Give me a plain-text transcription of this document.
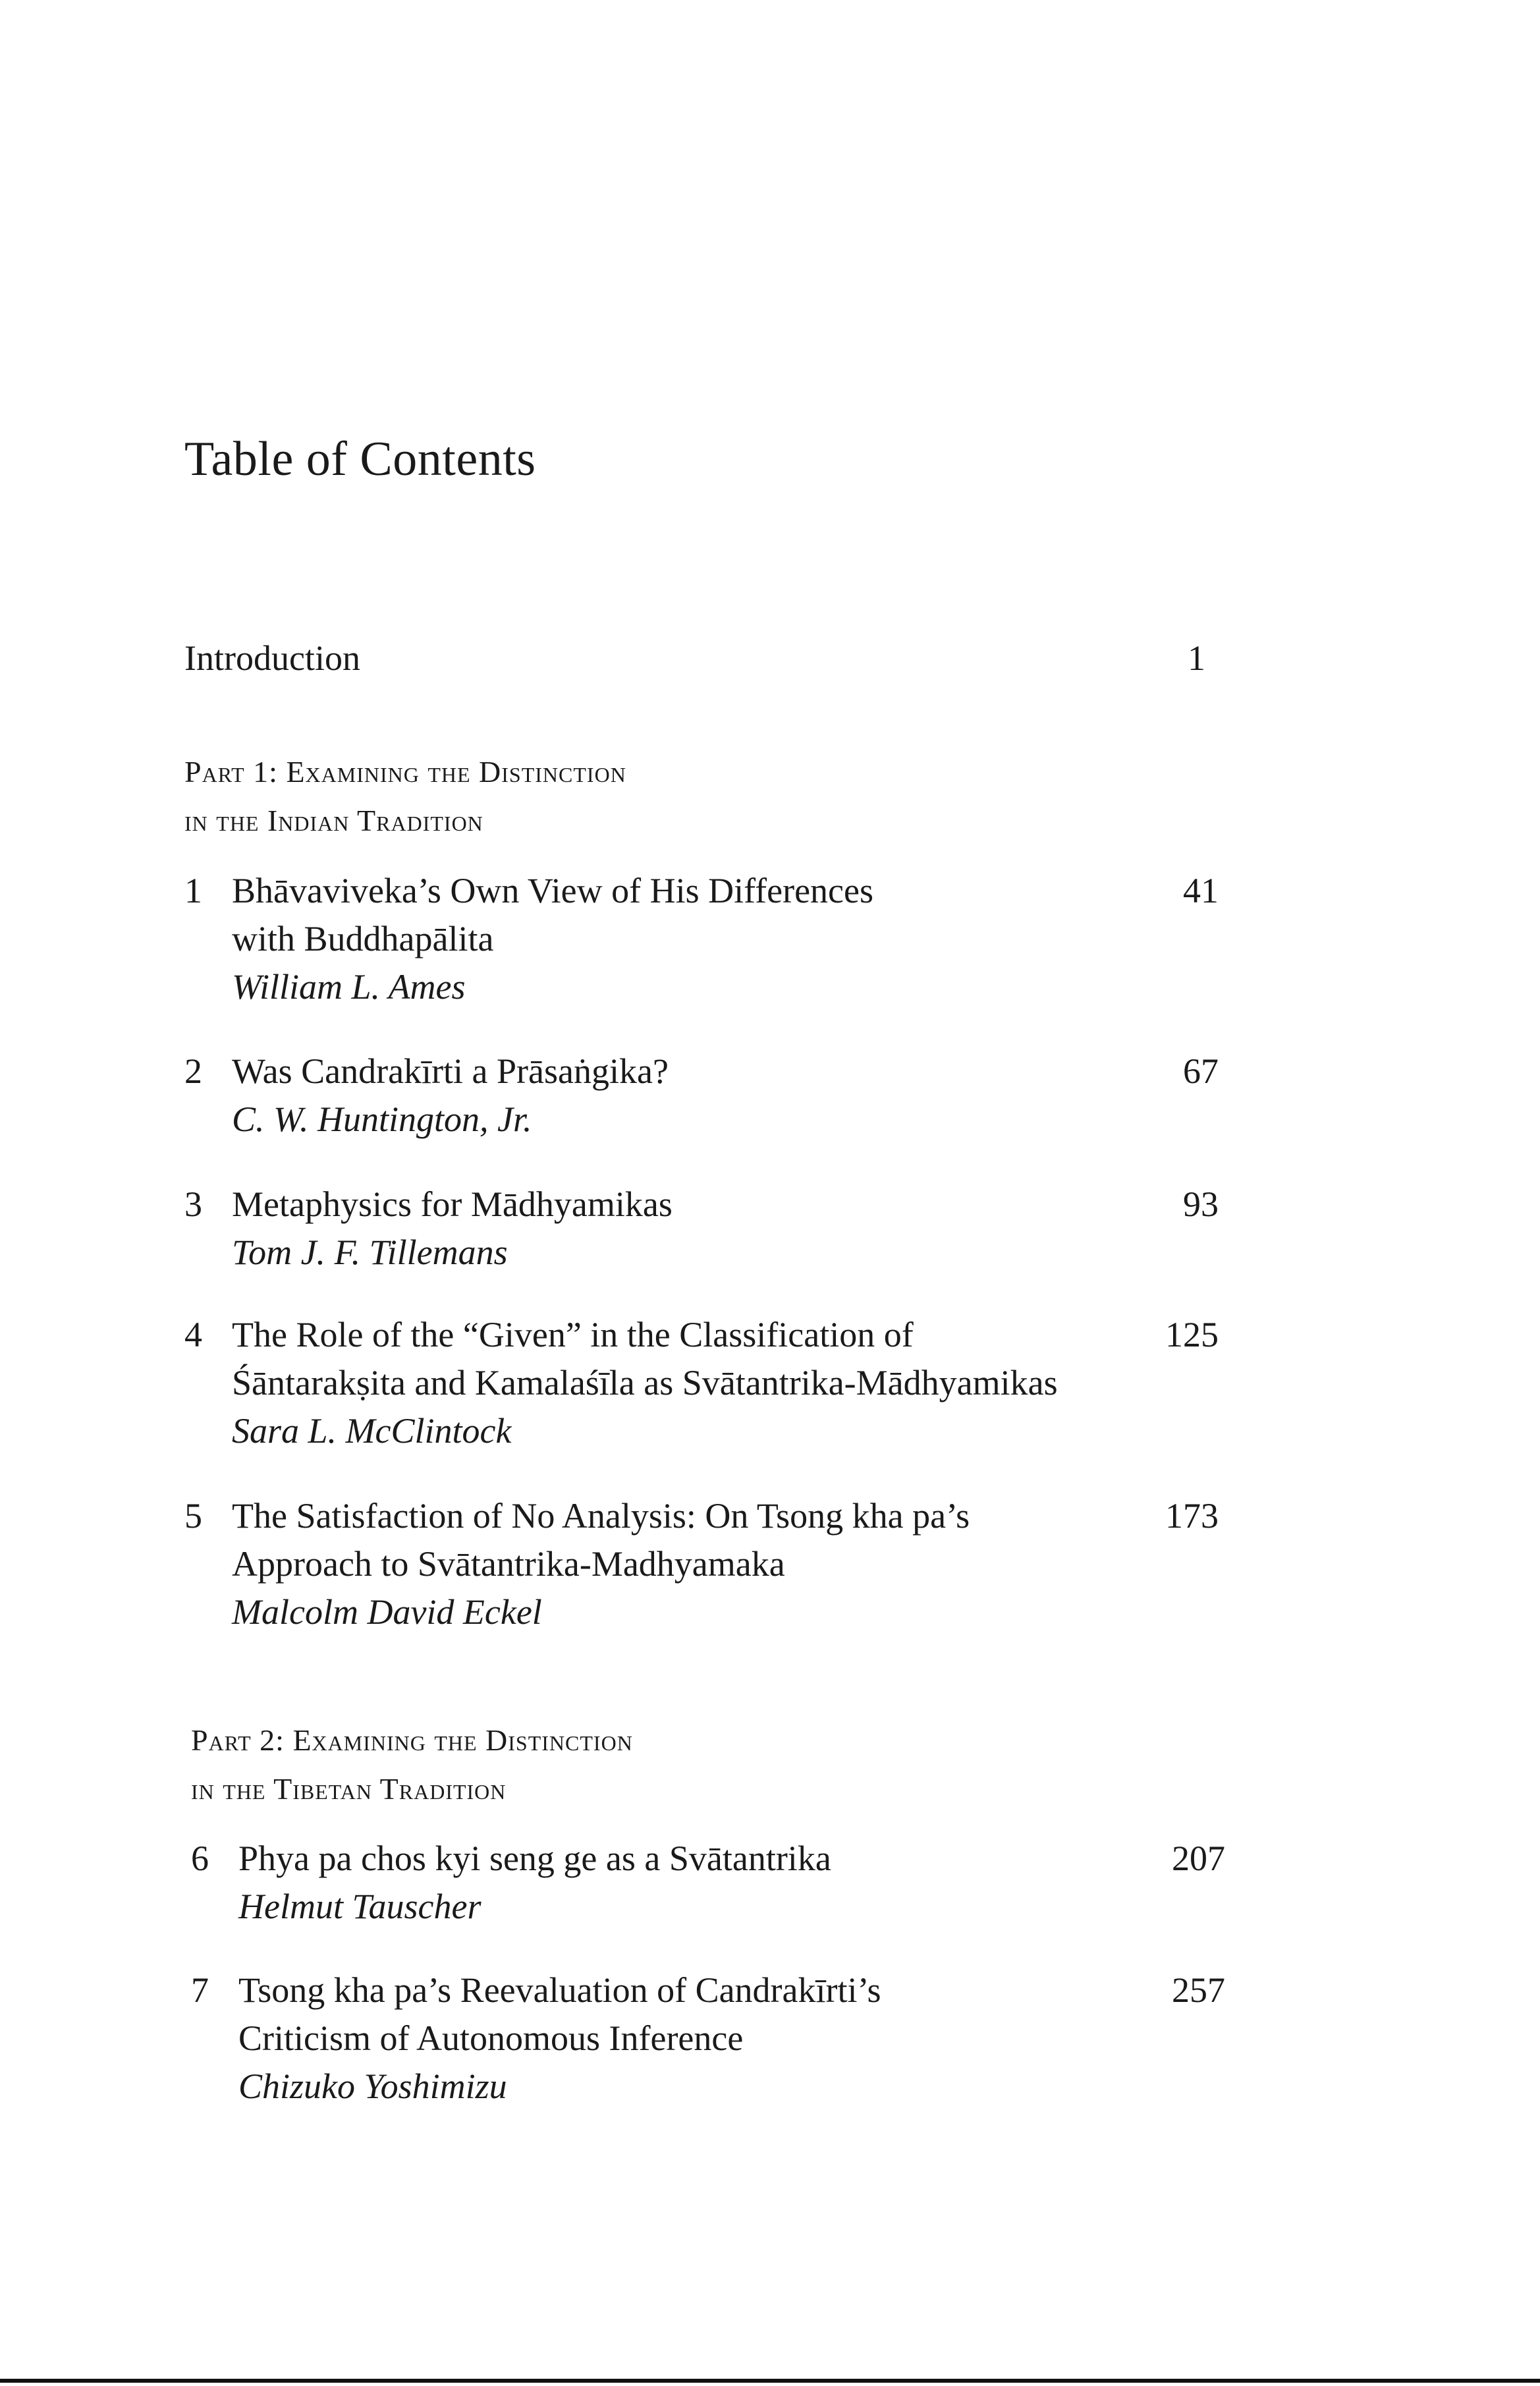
Table of Contents
Introduction	1
Part 1: Examining the Distinction
in the Indian Tradition
1 Bhāvaviveka’s Own View of His Differences
with Buddhapālita
William L. Ames
41
2 Was Candrakīrti a Prāsaṅgika?
C. W. Huntington, Jr.
67
3 Metaphysics for Mādhyamikas
Tom J. F. Tillemans
93
4 The Role of the “Given” in the Classification of
Śāntarakṣita and Kamalaśīla as Svātantrika-Mādhyamikas
Sara L. McClintock
125
5 The Satisfaction of No Analysis: On Tsong kha pa’s
Approach to Svātantrika-Madhyamaka
Malcolm David Eckel
173
Part 2: Examining the Distinction
in the Tibetan Tradition
6 Phya pa chos kyi seng ge as a Svātantrika
Helmut Tauscher
207
7 Tsong kha pa’s Reevaluation of Candrakīrti’s
Criticism of Autonomous Inference
Chizuko Yoshimizu
257
